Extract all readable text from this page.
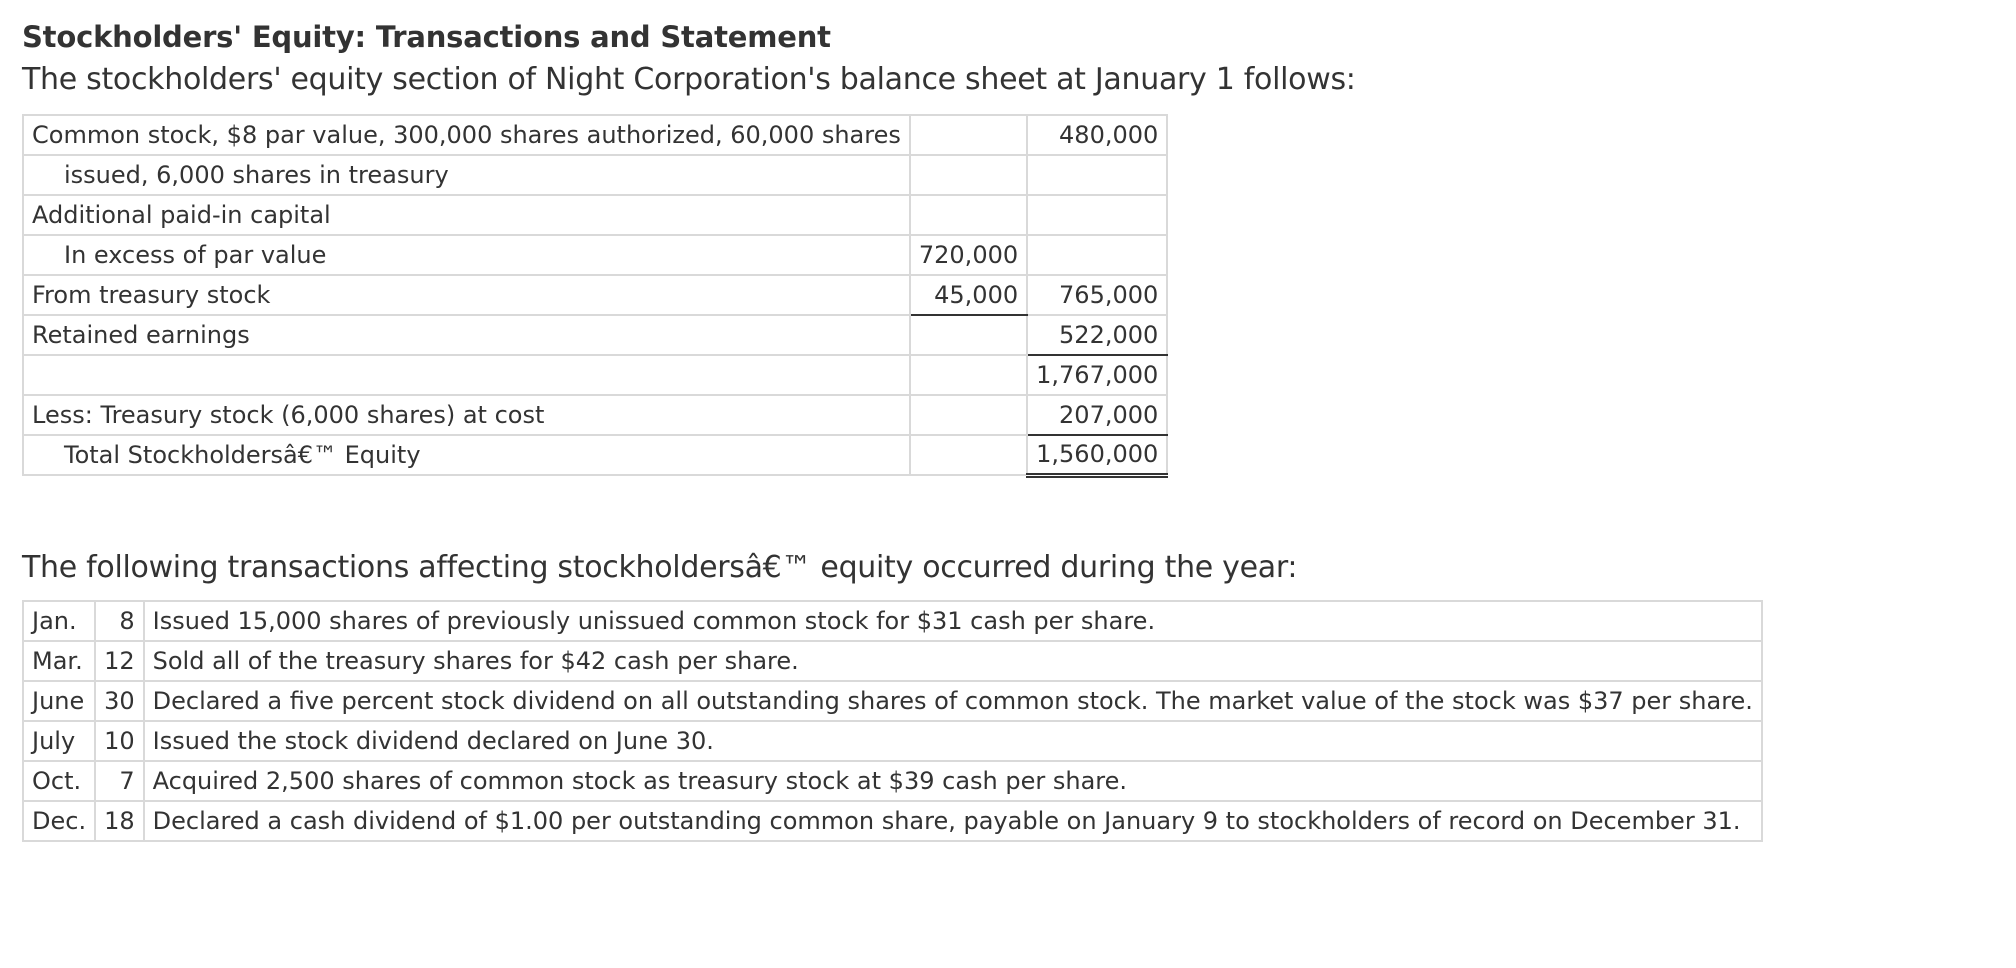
Stockholders' Equity: Transactions and Statement

The stockholders' equity section of Night Corporation's balance sheet at January 1 follows:

Common stock, $8 par value, 300,000 shares authorized, 60,000 shares		480,000
issued, 6,000 shares in treasury		
Additional paid-in capital		
In excess of par value	720,000	
From treasury stock	45,000	765,000
Retained earnings		522,000
		1,767,000
Less: Treasury stock (6,000 shares) at cost		207,000
Total Stockholdersâ€™ Equity		1,560,000

The following transactions affecting stockholdersâ€™ equity occurred during the year:

Jan.	8	Issued 15,000 shares of previously unissued common stock for $31 cash per share.
Mar.	12	Sold all of the treasury shares for $42 cash per share.
June	30	Declared a five percent stock dividend on all outstanding shares of common stock. The market value of the stock was $37 per share.
July	10	Issued the stock dividend declared on June 30.
Oct.	7	Acquired 2,500 shares of common stock as treasury stock at $39 cash per share.
Dec.	18	Declared a cash dividend of $1.00 per outstanding common share, payable on January 9 to stockholders of record on December 31.
